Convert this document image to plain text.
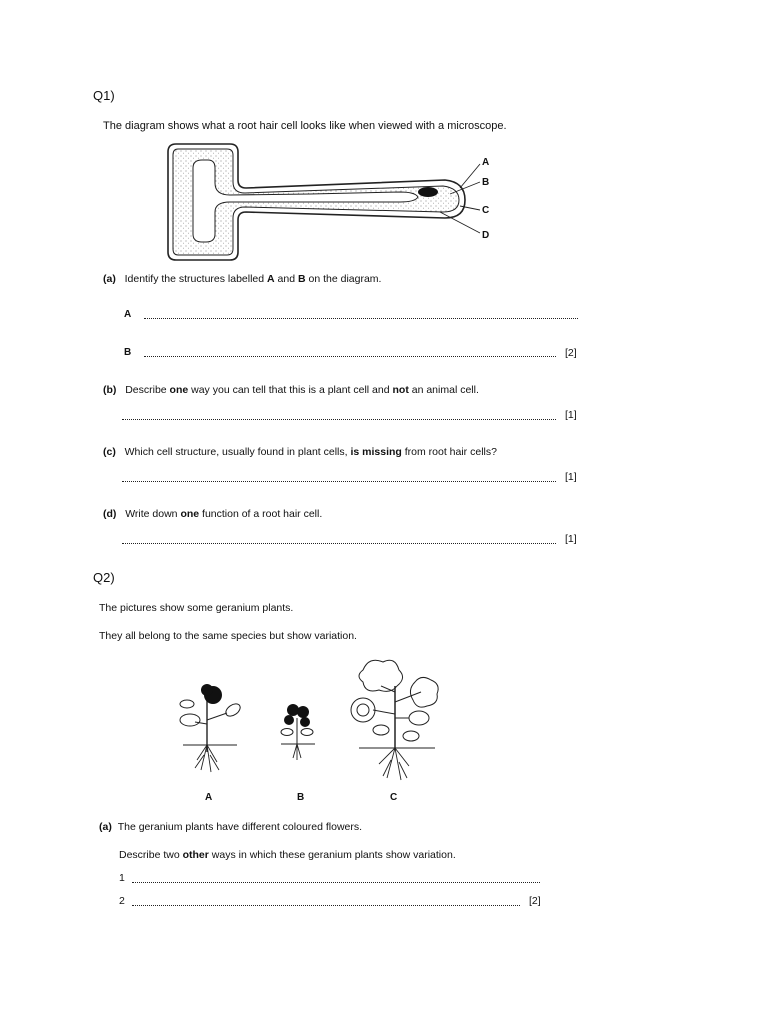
Q1)
The diagram shows what a root hair cell looks like when viewed with a microscope.
A
B
C
D
(a) Identify the structures labelled A and B on the diagram.
A
B	[2]
(b) Describe one way you can tell that this is a plant cell and not an animal cell.
[1]
(c) Which cell structure, usually found in plant cells, is missing from root hair cells?
[1]
(d) Write down one function of a root hair cell.
[1]
Q2)
The pictures show some geranium plants.
They all belong to the same species but show variation.
A	B	C
(a) The geranium plants have different coloured flowers.
Describe two other ways in which these geranium plants show variation.
1
2	[2]
